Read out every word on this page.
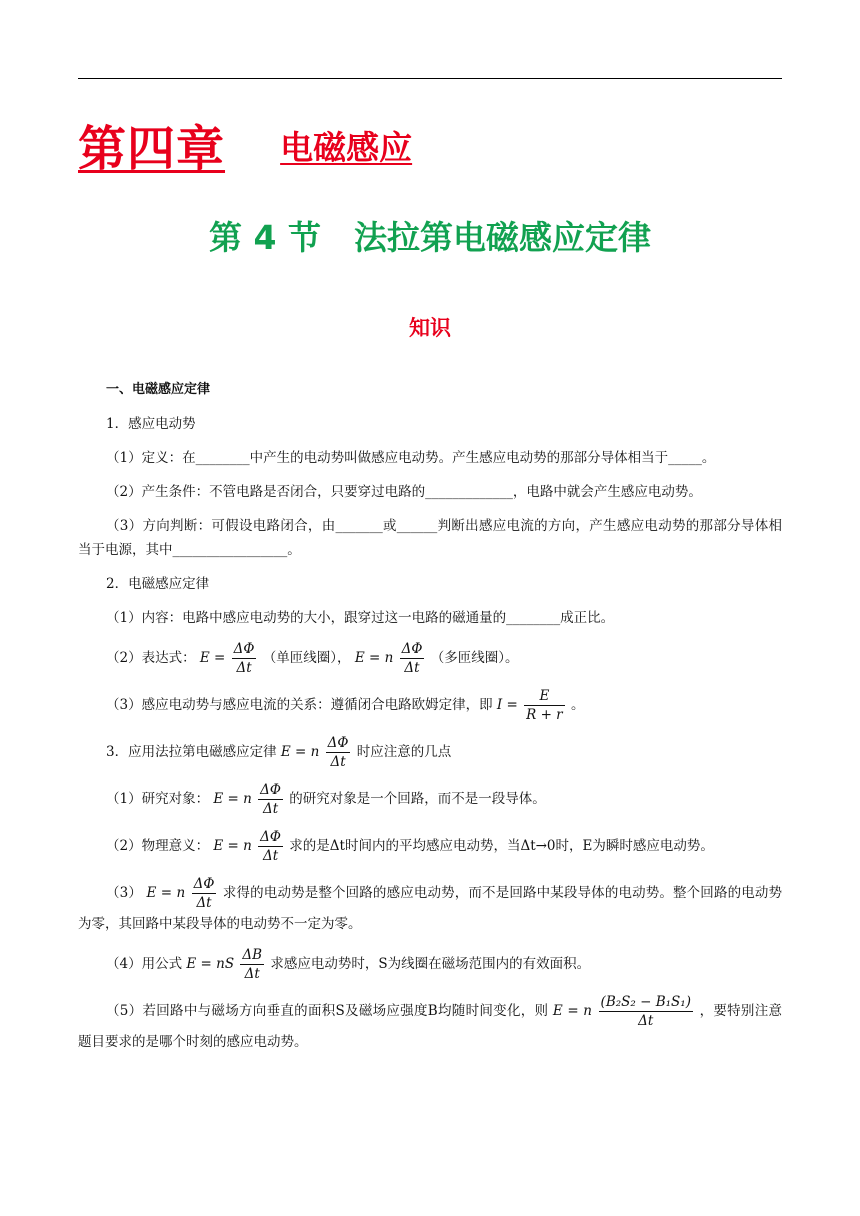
第四章 电磁感应
第 4 节　法拉第电磁感应定律
知识
一、电磁感应定律
1．感应电动势
（1）定义：在________中产生的电动势叫做感应电动势。产生感应电动势的那部分导体相当于_____。
（2）产生条件：不管电路是否闭合，只要穿过电路的_____________，电路中就会产生感应电动势。
（3）方向判断：可假设电路闭合，由_______或______判断出感应电流的方向，产生感应电动势的那部分导体相当于电源，其中_________________。
2．电磁感应定律
（1）内容：电路中感应电动势的大小，跟穿过这一电路的磁通量的________成正比。
（2）表达式： $E = \frac{\Delta\Phi}{\Delta t}$ （单匝线圈）， E = n $\frac{\Delta\Phi}{\Delta t}$ （多匝线圈）。
（3）感应电动势与感应电流的关系：遵循闭合电路欧姆定律，即 $I = \frac{E}{R + r}$ 。
3．应用法拉第电磁感应定律 E = n $\frac{\Delta\Phi}{\Delta t}$ 时应注意的几点
（1）研究对象： E = n $\frac{\Delta\Phi}{\Delta t}$ 的研究对象是一个回路，而不是一段导体。
（2）物理意义： E = n $\frac{\Delta\Phi}{\Delta t}$ 求的是Δt时间内的平均感应电动势，当Δt→0时，E为瞬时感应电动势。
（3） E = n $\frac{\Delta\Phi}{\Delta t}$ 求得的电动势是整个回路的感应电动势，而不是回路中某段导体的电动势。整个回路的电动势为零，其回路中某段导体的电动势不一定为零。
（4）用公式 E = nS $\frac{\Delta B}{\Delta t}$ 求感应电动势时，S为线圈在磁场范围内的有效面积。
（5）若回路中与磁场方向垂直的面积S及磁场应强度B均随时间变化，则 E = n $\frac{\text{(B₂S₂ − B₁S₁)}}{\Delta t}$ ，要特别注意题目要求的是哪个时刻的感应电动势。
